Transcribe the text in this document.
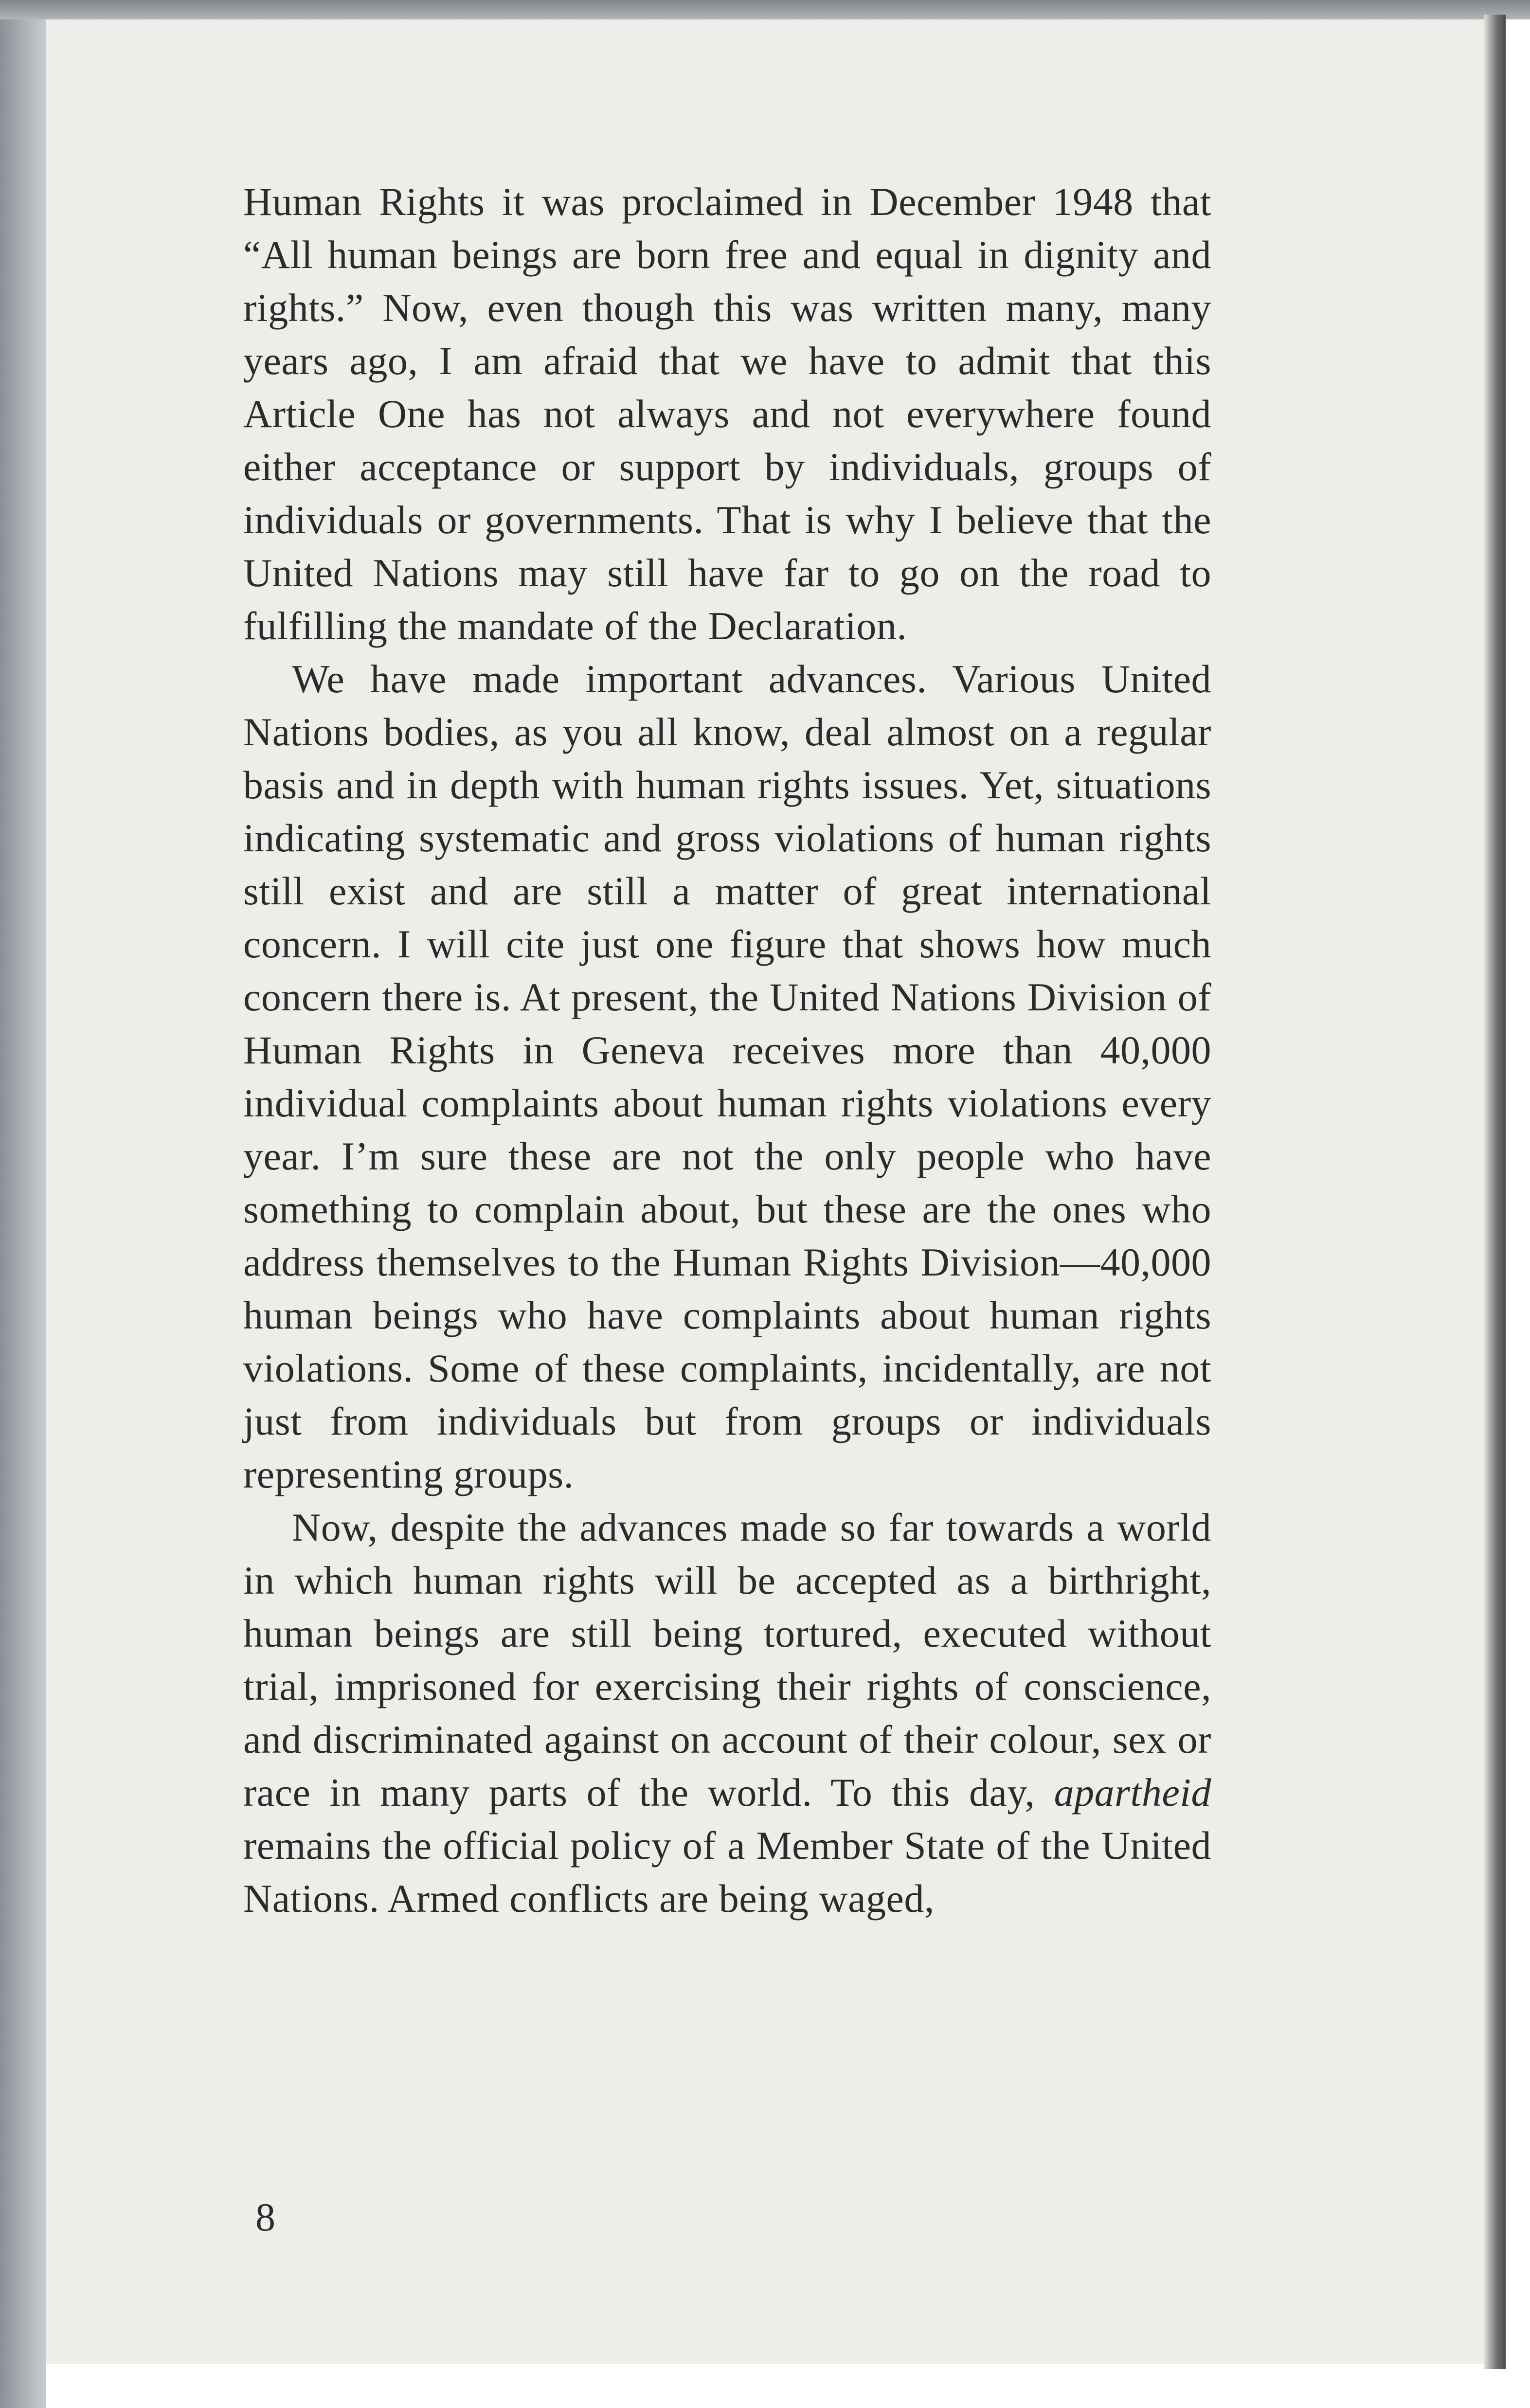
Human Rights it was proclaimed in December 1948 that “All human beings are born free and equal in dignity and rights.” Now, even though this was written many, many years ago, I am afraid that we have to admit that this Article One has not always and not everywhere found either acceptance or support by individuals, groups of individuals or governments. That is why I believe that the United Nations may still have far to go on the road to fulfilling the mandate of the Declaration.

We have made important advances. Various United Nations bodies, as you all know, deal almost on a regular basis and in depth with human rights issues. Yet, situations indicating systematic and gross violations of human rights still exist and are still a matter of great international concern. I will cite just one figure that shows how much concern there is. At present, the United Nations Division of Human Rights in Geneva receives more than 40,000 individual complaints about human rights violations every year. I’m sure these are not the only people who have something to complain about, but these are the ones who address themselves to the Human Rights Division—40,000 human beings who have complaints about human rights violations. Some of these complaints, incidentally, are not just from individuals but from groups or individuals representing groups.

Now, despite the advances made so far towards a world in which human rights will be accepted as a birthright, human beings are still being tortured, executed without trial, imprisoned for exercising their rights of conscience, and discriminated against on account of their colour, sex or race in many parts of the world. To this day, apartheid remains the official policy of a Member State of the United Nations. Armed conflicts are being waged,

8
